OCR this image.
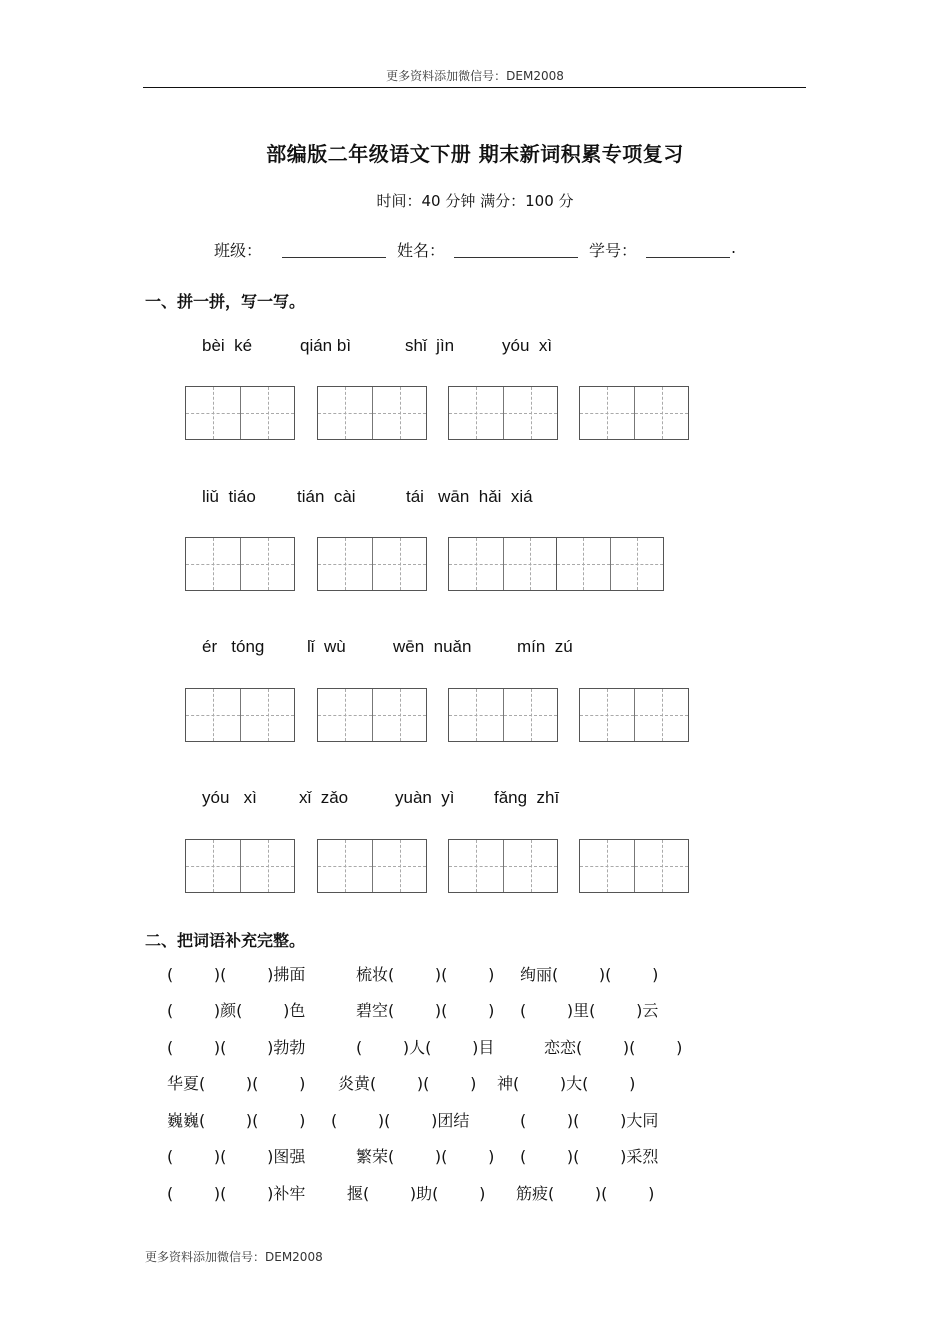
更多资料添加微信号：DEM2008
部编版二年级语文下册 期末新词积累专项复习
时间：40 分钟 满分：100 分
班级：	姓名：	学号：	.
一、拼一拼，写一写。
bèi  ké	qián bì	shǐ  jìn	yóu  xì
liǔ  tiáo tián  cài	tái   wān  hǎi  xiá
ér   tóng	lǐ  wù	wēn  nuǎn	mín  zú
yóu   xì xǐ  zǎo	yuàn  yì fǎng  zhī
二、把词语补充完整。
(        )(        )拂面	梳妆(        )(        ) 绚丽(        )(        )
(        )颜(        )色	碧空(        )(        ) (        )里(        )云
(        )(        )勃勃	(        )人(        )目	恋恋(        )(        )
华夏(        )(        ) 炎黄(        )(        ) 神(        )大(        )
巍巍(        )(        ) (        )(        )团结	(        )(        )大同
(        )(        )图强	繁荣(        )(        ) (        )(        )采烈
(        )(        )补牢	揠(        )助(        ) 筋疲(        )(        )
更多资料添加微信号：DEM2008
